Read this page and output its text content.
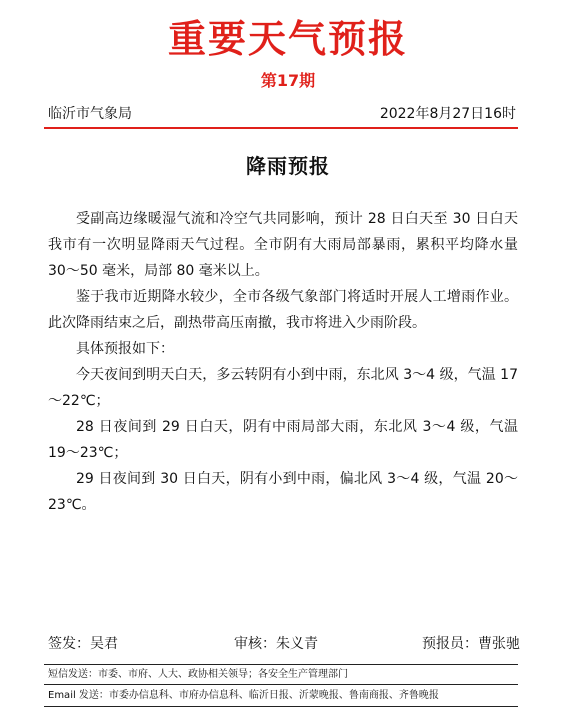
重要天气预报
第17期
临沂市气象局	2022年8月27日16时
降雨预报

受副高边缘暖湿气流和冷空气共同影响，预计 28 日白天至 30 日白天我市有一次明显降雨天气过程。全市阴有大雨局部暴雨，累积平均降水量 30～50 毫米，局部 80 毫米以上。

鉴于我市近期降水较少，全市各级气象部门将适时开展人工增雨作业。此次降雨结束之后，副热带高压南撤，我市将进入少雨阶段。

具体预报如下：

今天夜间到明天白天，多云转阴有小到中雨，东北风 3～4 级，气温 17～22℃；

28 日夜间到 29 日白天，阴有中雨局部大雨，东北风 3～4 级，气温 19～23℃；

29 日夜间到 30 日白天，阴有小到中雨，偏北风 3～4 级，气温 20～23℃。

签发：吴君	审核：朱义青	预报员：曹张驰
短信发送：市委、市府、人大、政协相关领导；各安全生产管理部门
Email 发送：市委办信息科、市府办信息科、临沂日报、沂蒙晚报、鲁南商报、齐鲁晚报
